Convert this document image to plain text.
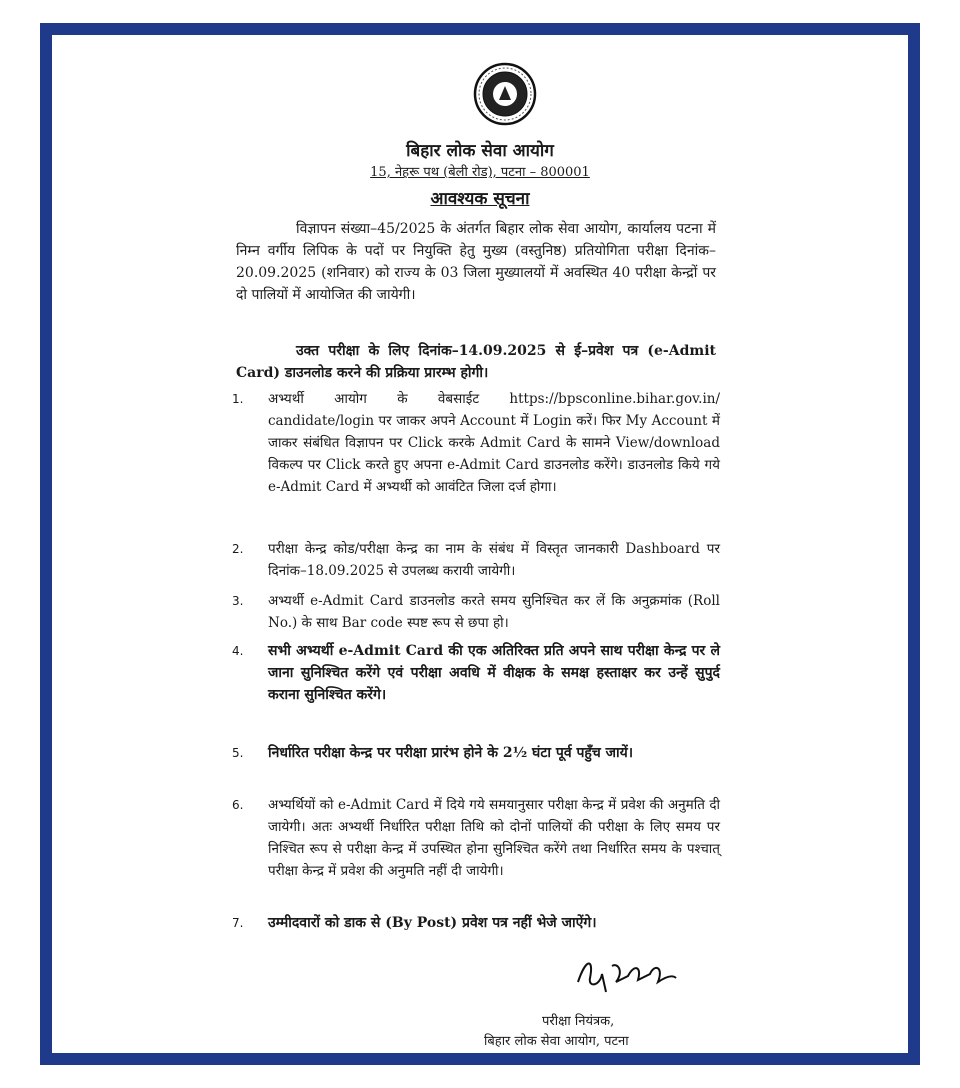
बिहार लोक सेवा आयोग
15, नेहरू पथ (बेली रोड), पटना – 800001
आवश्यक सूचना

विज्ञापन संख्या–45/2025 के अंतर्गत बिहार लोक सेवा आयोग, कार्यालय पटना में निम्न वर्गीय लिपिक के पदों पर नियुक्ति हेतु मुख्य (वस्तुनिष्ठ) प्रतियोगिता परीक्षा दिनांक–20.09.2025 (शनिवार) को राज्य के 03 जिला मुख्यालयों में अवस्थित 40 परीक्षा केन्द्रों पर दो पालियों में आयोजित की जायेगी।

उक्त परीक्षा के लिए दिनांक–14.09.2025 से ई–प्रवेश पत्र (e-Admit Card) डाउनलोड करने की प्रक्रिया प्रारम्भ होगी।

1.	अभ्यर्थी आयोग के वेबसाईट https://bpsconline.bihar.gov.in/ candidate/login पर जाकर अपने Account में Login करें। फिर My Account में जाकर संबंधित विज्ञापन पर Click करके Admit Card के सामने View/download विकल्प पर Click करते हुए अपना e-Admit Card डाउनलोड करेंगे। डाउनलोड किये गये e-Admit Card में अभ्यर्थी को आवंटित जिला दर्ज होगा।
2.	परीक्षा केन्द्र कोड/परीक्षा केन्द्र का नाम के संबंध में विस्तृत जानकारी Dashboard पर दिनांक–18.09.2025 से उपलब्ध करायी जायेगी।
3.	अभ्यर्थी e-Admit Card डाउनलोड करते समय सुनिश्चित कर लें कि अनुक्रमांक (Roll No.) के साथ Bar code स्पष्ट रूप से छपा हो।
4.	सभी अभ्यर्थी e-Admit Card की एक अतिरिक्त प्रति अपने साथ परीक्षा केन्द्र पर ले जाना सुनिश्चित करेंगे एवं परीक्षा अवधि में वीक्षक के समक्ष हस्ताक्षर कर उन्हें सुपुर्द कराना सुनिश्चित करेंगे।
5.	निर्धारित परीक्षा केन्द्र पर परीक्षा प्रारंभ होने के 2½ घंटा पूर्व पहुँच जायें।
6.	अभ्यर्थियों को e-Admit Card में दिये गये समयानुसार परीक्षा केन्द्र में प्रवेश की अनुमति दी जायेगी। अतः अभ्यर्थी निर्धारित परीक्षा तिथि को दोनों पालियों की परीक्षा के लिए समय पर निश्चित रूप से परीक्षा केन्द्र में उपस्थित होना सुनिश्चित करेंगे तथा निर्धारित समय के पश्चात् परीक्षा केन्द्र में प्रवेश की अनुमति नहीं दी जायेगी।
7.	उम्मीदवारों को डाक से (By Post) प्रवेश पत्र नहीं भेजे जाऐंगे।
परीक्षा नियंत्रक,
बिहार लोक सेवा आयोग, पटना
